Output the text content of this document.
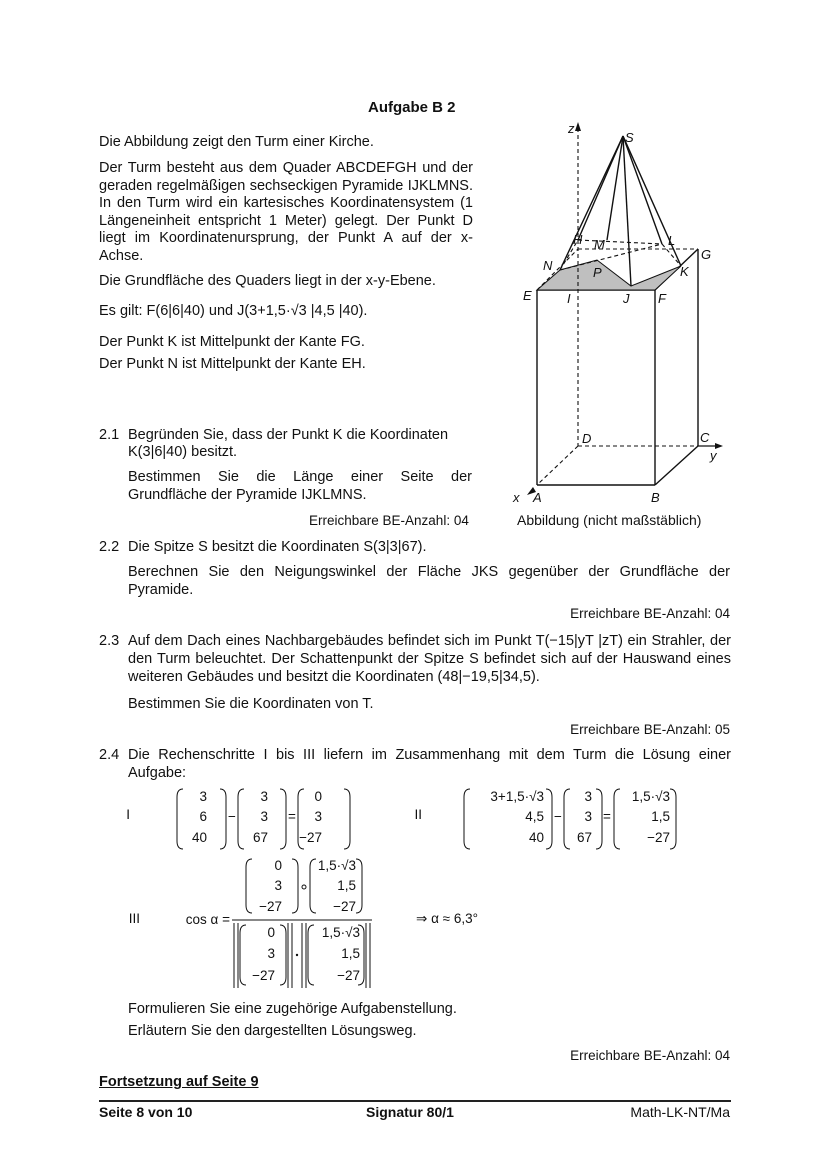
Aufgabe B 2
Die Abbildung zeigt den Turm einer Kirche.
Der Turm besteht aus dem Quader ABCDEFGH und der geraden regelmäßigen sechseckigen Pyramide IJKLMNS. In den Turm wird ein kartesisches Koordinatensystem (1 Längeneinheit entspricht 1 Meter) gelegt. Der Punkt D liegt im Koordinatenursprung, der Punkt A auf der x-Achse.
Die Grundfläche des Quaders liegt in der x-y-Ebene.
Es gilt: F(6|6|40) und J(3+1,5·√3 |4,5 |40).
Der Punkt K ist Mittelpunkt der Kante FG.
Der Punkt N ist Mittelpunkt der Kante EH.
z
S
G
H M	L
N	P	K
E	I	J F
D	C
y
x A	B
Abbildung (nicht maßstäblich)
2.1 Begründen Sie, dass der Punkt K die Koordinaten
K(3|6|40) besitzt.
Bestimmen Sie die Länge einer Seite der Grundfläche der Pyramide IJKLMNS.
Erreichbare BE-Anzahl: 04
2.2 Die Spitze S besitzt die Koordinaten S(3|3|67).
Berechnen Sie den Neigungswinkel der Fläche JKS gegenüber der Grundfläche der Pyramide.
Erreichbare BE-Anzahl: 04
2.3 Auf dem Dach eines Nachbargebäudes befindet sich im Punkt T(−15|yT |zT) ein Strahler, der den Turm beleuchtet. Der Schattenpunkt der Spitze S befindet sich auf der Hauswand eines weiteren Gebäudes und besitzt die Koordinaten (48|−19,5|34,5).
Bestimmen Sie die Koordinaten von T.
Erreichbare BE-Anzahl: 05
2.4 Die Rechenschritte I bis III liefern im Zusammenhang mit dem Turm die Lösung einer Aufgabe:
I
3
6
40
−
3
3
67
=
0
3
−27
II
3+1,5·√3
4,5
40
−
3
3
67
=
1,5·√3
1,5
−27
III	cos α =
0
3
−27
1,5·√3
1,5
−27
0
3
−27
1,5·√3
1,5
−27
⇒ α ≈ 6,3°
Formulieren Sie eine zugehörige Aufgabenstellung.
Erläutern Sie den dargestellten Lösungsweg.
Erreichbare BE-Anzahl: 04
Fortsetzung auf Seite 9
Seite 8 von 10	Signatur 80/1	Math-LK-NT/Ma
